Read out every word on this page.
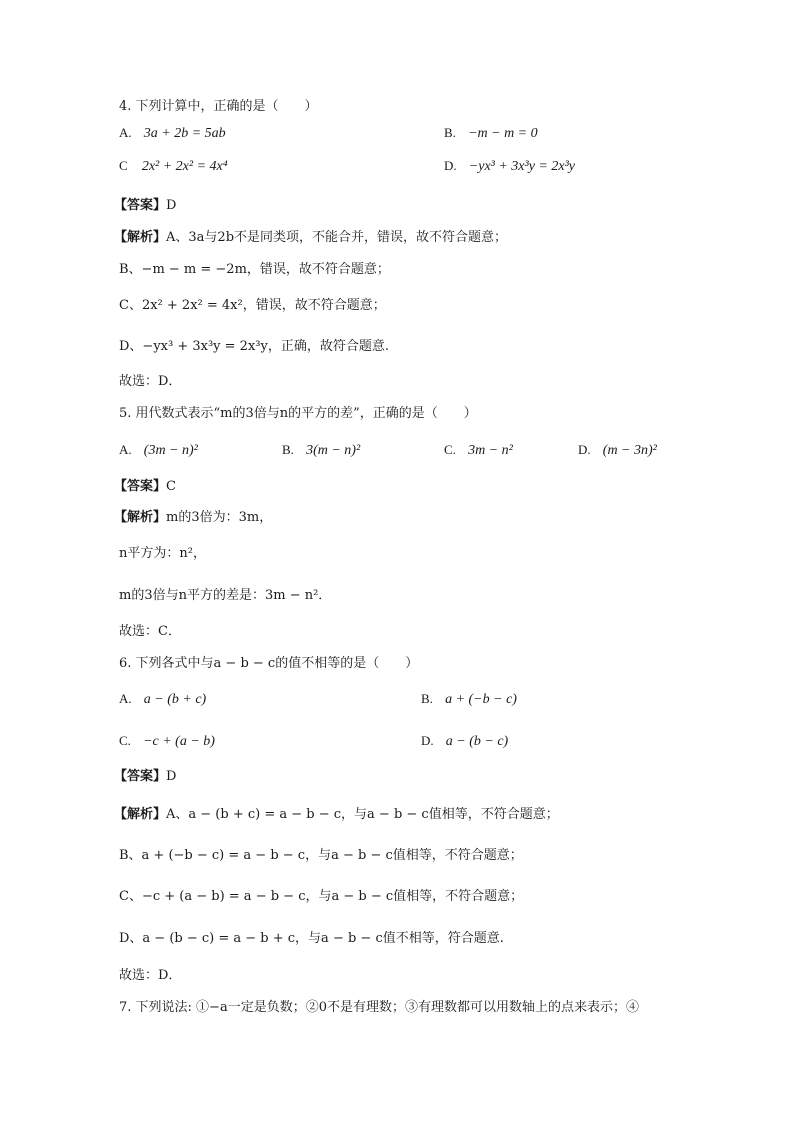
4. 下列计算中，正确的是（　　）
A. 3a + 2b = 5ab	B. −m − m = 0
C 2x² + 2x² = 4x⁴	D. −yx³ + 3x³y = 2x³y
【答案】D
【解析】A、3a与2b不是同类项，不能合并，错误，故不符合题意；
B、−m − m = −2m，错误，故不符合题意；
C、2x² + 2x² = 4x²，错误，故不符合题意；
D、−yx³ + 3x³y = 2x³y，正确，故符合题意.
故选：D．
5. 用代数式表示“m的3倍与n的平方的差”，正确的是（　　）
A. (3m − n)²	B. 3(m − n)²	C. 3m − n²	D. (m − 3n)²
【答案】C
【解析】m的3倍为：3m，
n平方为：n²，
m的3倍与n平方的差是：3m − n²．
故选：C．
6. 下列各式中与a − b − c的值不相等的是（　　）
A. a − (b + c)	B. a + (−b − c)
C. −c + (a − b)	D. a − (b − c)
【答案】D
【解析】A、a − (b + c) = a − b − c，与a − b − c值相等，不符合题意；
B、a + (−b − c) = a − b − c，与a − b − c值相等，不符合题意；
C、−c + (a − b) = a − b − c，与a − b − c值相等，不符合题意；
D、a − (b − c) = a − b + c，与a − b − c值不相等，符合题意.
故选：D．
7. 下列说法: ①−a一定是负数；②0不是有理数；③有理数都可以用数轴上的点来表示；④
